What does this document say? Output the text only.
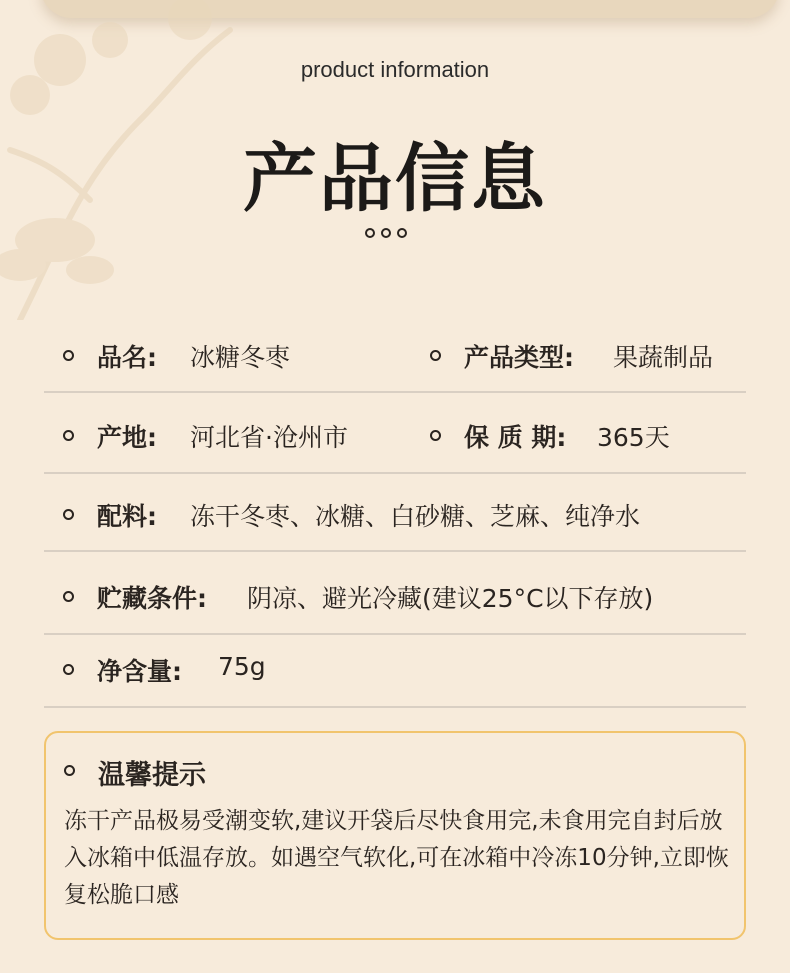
product information
产品信息
品名: 冰糖冬枣	产品类型: 果蔬制品
产地: 河北省·沧州市	保 质 期: 365天
配料: 冻干冬枣、冰糖、白砂糖、芝麻、纯净水
贮藏条件: 阴凉、避光冷藏(建议25°C以下存放)
净含量: 75g
温馨提示
冻干产品极易受潮变软,建议开袋后尽快食用完,未食用完自封后放入冰箱中低温存放。如遇空气软化,可在冰箱中冷冻10分钟,立即恢复松脆口感
